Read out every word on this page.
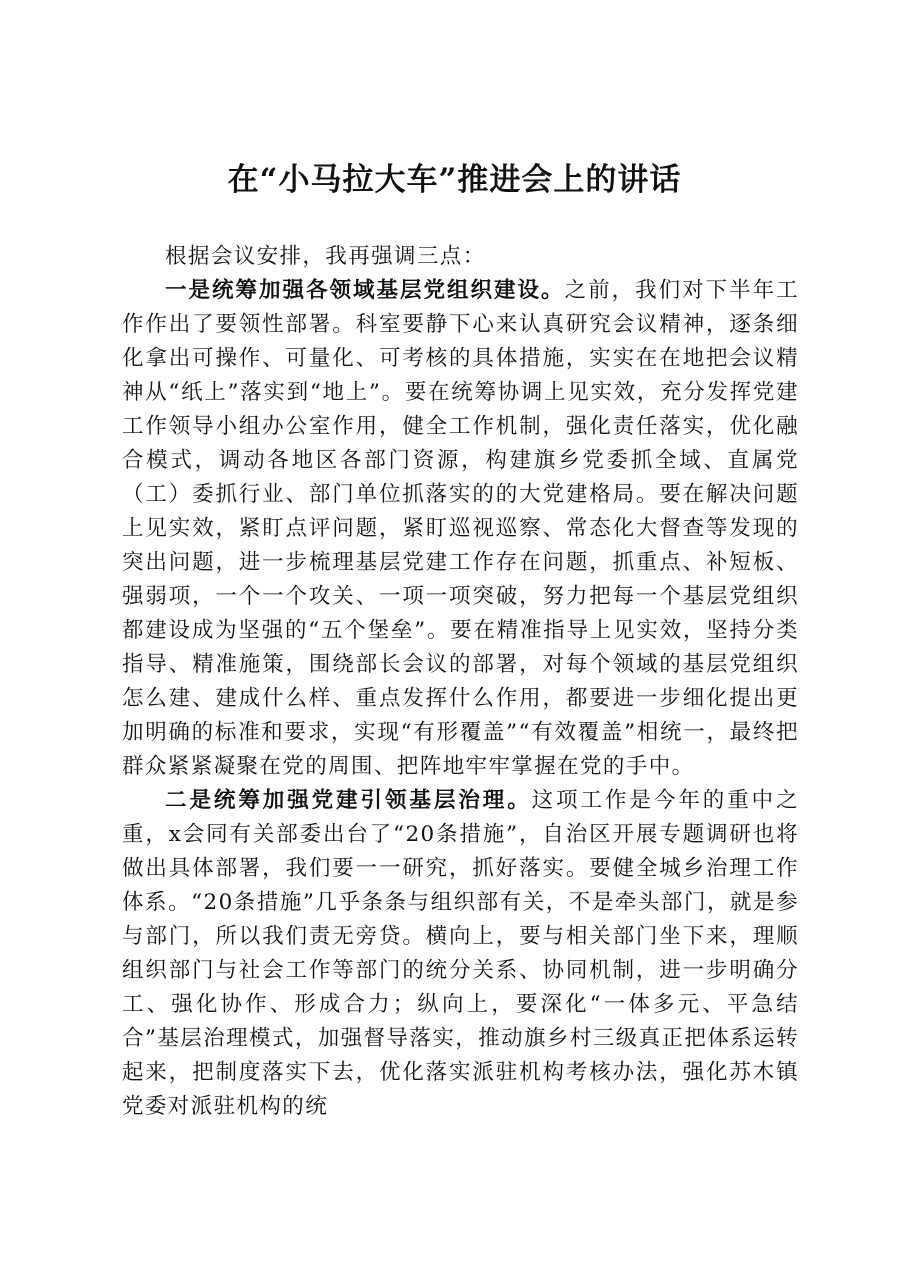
在“小马拉大车”推进会上的讲话

根据会议安排，我再强调三点：

一是统筹加强各领域基层党组织建设。之前，我们对下半年工作作出了要领性部署。科室要静下心来认真研究会议精神，逐条细化拿出可操作、可量化、可考核的具体措施，实实在在地把会议精神从“纸上”落实到“地上”。要在统筹协调上见实效，充分发挥党建工作领导小组办公室作用，健全工作机制，强化责任落实，优化融合模式，调动各地区各部门资源，构建旗乡党委抓全域、直属党（工）委抓行业、部门单位抓落实的的大党建格局。要在解决问题上见实效，紧盯点评问题，紧盯巡视巡察、常态化大督查等发现的突出问题，进一步梳理基层党建工作存在问题，抓重点、补短板、强弱项，一个一个攻关、一项一项突破，努力把每一个基层党组织都建设成为坚强的“五个堡垒”。要在精准指导上见实效，坚持分类指导、精准施策，围绕部长会议的部署，对每个领域的基层党组织怎么建、建成什么样、重点发挥什么作用，都要进一步细化提出更加明确的标准和要求，实现“有形覆盖”“有效覆盖”相统一，最终把群众紧紧凝聚在党的周围、把阵地牢牢掌握在党的手中。

二是统筹加强党建引领基层治理。这项工作是今年的重中之重，x会同有关部委出台了“20条措施”，自治区开展专题调研也将做出具体部署，我们要一一研究，抓好落实。要健全城乡治理工作体系。“20条措施”几乎条条与组织部有关，不是牵头部门，就是参与部门，所以我们责无旁贷。横向上，要与相关部门坐下来，理顺组织部门与社会工作等部门的统分关系、协同机制，进一步明确分工、强化协作、形成合力；纵向上，要深化“一体多元、平急结合”基层治理模式，加强督导落实，推动旗乡村三级真正把体系运转起来，把制度落实下去，优化落实派驻机构考核办法，强化苏木镇党委对派驻机构的统
